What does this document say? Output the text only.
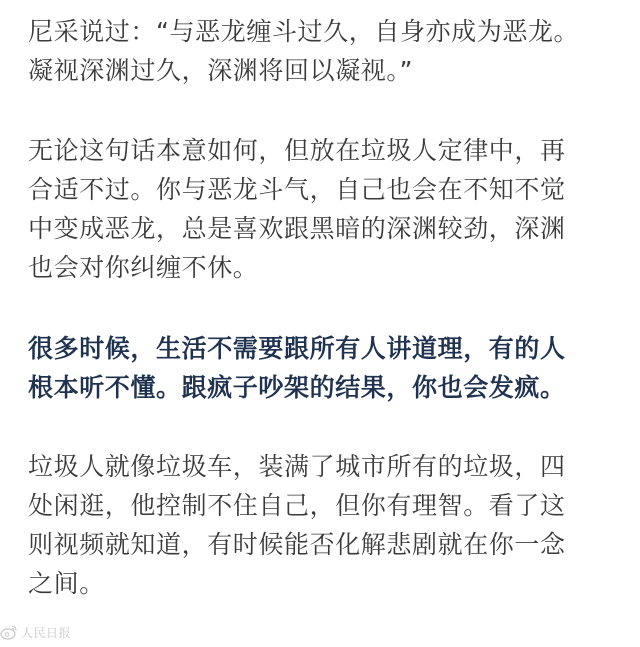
尼采说过：“与恶龙缠斗过久，自身亦成为恶龙。
凝视深渊过久，深渊将回以凝视。”

无论这句话本意如何，但放在垃圾人定律中，再
合适不过。你与恶龙斗气，自己也会在不知不觉
中变成恶龙，总是喜欢跟黑暗的深渊较劲，深渊
也会对你纠缠不休。

很多时候，生活不需要跟所有人讲道理，有的人
根本听不懂。跟疯子吵架的结果，你也会发疯。

垃圾人就像垃圾车，装满了城市所有的垃圾，四
处闲逛，他控制不住自己，但你有理智。看了这
则视频就知道，有时候能否化解悲剧就在你一念
之间。

人民日报
